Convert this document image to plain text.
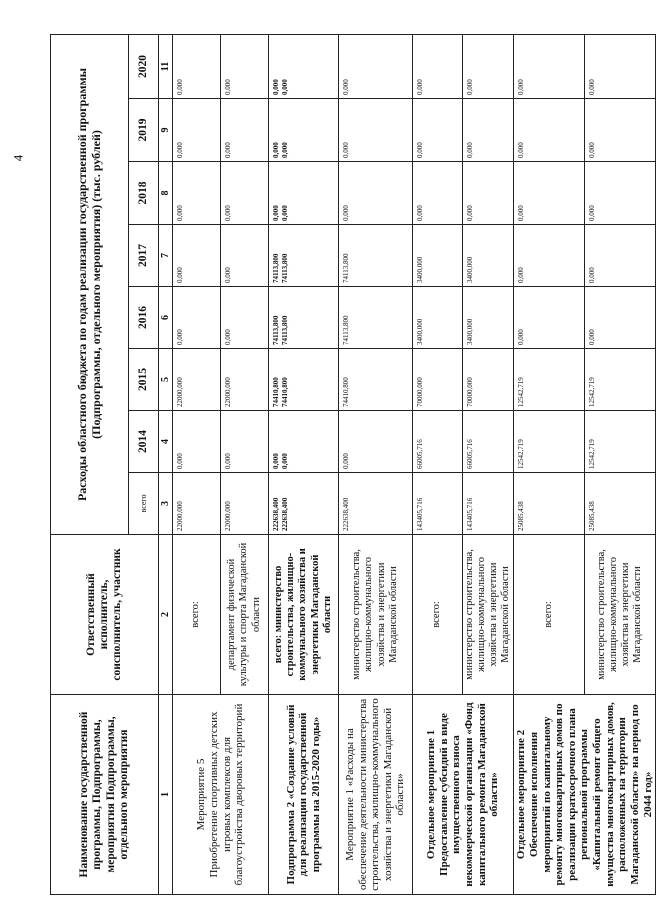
4
Наименование государственной программы, Подпрограммы, мероприятия Подпрограммы, отдельного мероприятия	Ответственный исполнитель, соисполнитель, участник	Расходы областного бюджета по годам реализации государственной программы (Подпрограммы, отдельного мероприятия) (тыс. рублей)							
		всего	2014	2015	2016	2017	2018	2019	2020
1	2	3	4	5	6	7	8	9	11

Мероприятие 5 Приобретение спортивных детских игровых комплексов для благоустройства дворовых территорий	всего:	22000,000	0,000	22000,000	0,000	0,000	0,000	0,000	0,000

	департамент физической культуры и спорта Магаданской области	22000,000	0,000	22000,000	0,000	0,000	0,000	0,000	0,000

Подпрограмма 2 «Создание условий для реализации государственной программы на 2015-2020 годы»	всего: министерство строительства, жилищно-коммунального хозяйства и энергетики Магаданской области	222638,400 222638,400	0,000 0,000	74410,800 74410,800	74113,800 74113,800	74113,800 74113,800	0,000 0,000	0,000 0,000	0,000 0,000

Мероприятие 1 «Расходы на обеспечение деятельности министерства строительства, жилищно-коммунального хозяйства и энергетики Магаданской области»	министерство строительства, жилищно-коммунального хозяйства и энергетики Магаданской области	222638,400	0,000	74410,800	74113,800	74113,800	0,000	0,000	0,000

Отдельное мероприятие 1 Предоставление субсидий в виде имущественного взноса некоммерческой организации «Фонд капитального ремонта Магаданской области»	всего:	143405,716	66005,716	70000,000	3400,000	3400,000	0,000	0,000	0,000

	министерство строительства, жилищно-коммунального хозяйства и энергетики Магаданской области	143405,716	66005,716	70000,000	3400,000	3400,000	0,000	0,000	0,000

Отдельное мероприятие 2 Обеспечение исполнения мероприятий по капитальному ремонту многоквартирных домов по реализации краткосрочного плана региональной программы «Капитальный ремонт общего имущества многоквартирных домов, расположенных на территории Магаданской области» на период по 2044 год»	всего:	25085,438	12542,719	12542,719	0,000	0,000	0,000	0,000	0,000

	министерство строительства, жилищно-коммунального хозяйства и энергетики Магаданской области	25085,438	12542,719	12542,719	0,000	0,000	0,000	0,000	0,000
